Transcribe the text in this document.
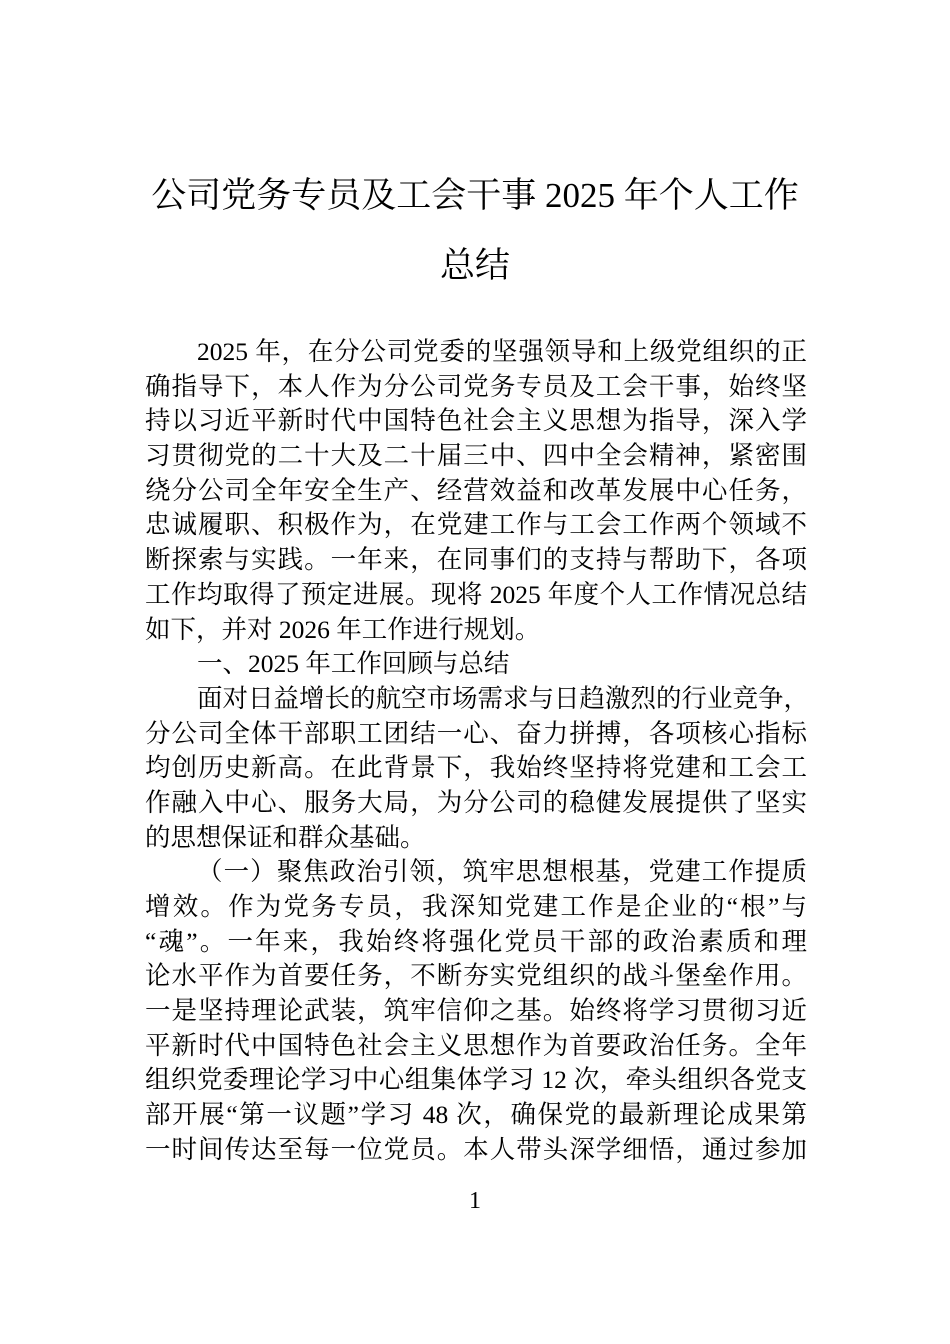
公司党务专员及工会干事 2025 年个人工作
总结
2025 年，在分公司党委的坚强领导和上级党组织的正
确指导下，本人作为分公司党务专员及工会干事，始终坚
持以习近平新时代中国特色社会主义思想为指导，深入学
习贯彻党的二十大及二十届三中、四中全会精神，紧密围
绕分公司全年安全生产、经营效益和改革发展中心任务，
忠诚履职、积极作为，在党建工作与工会工作两个领域不
断探索与实践。一年来，在同事们的支持与帮助下，各项
工作均取得了预定进展。现将 2025 年度个人工作情况总结
如下，并对 2026 年工作进行规划。
一、2025 年工作回顾与总结
面对日益增长的航空市场需求与日趋激烈的行业竞争，
分公司全体干部职工团结一心、奋力拼搏，各项核心指标
均创历史新高。在此背景下，我始终坚持将党建和工会工
作融入中心、服务大局，为分公司的稳健发展提供了坚实
的思想保证和群众基础。
（一）聚焦政治引领，筑牢思想根基，党建工作提质
增效。作为党务专员，我深知党建工作是企业的“根”与
“魂”。一年来，我始终将强化党员干部的政治素质和理
论水平作为首要任务，不断夯实党组织的战斗堡垒作用。
一是坚持理论武装，筑牢信仰之基。始终将学习贯彻习近
平新时代中国特色社会主义思想作为首要政治任务。全年
组织党委理论学习中心组集体学习 12 次，牵头组织各党支
部开展“第一议题”学习 48 次，确保党的最新理论成果第
一时间传达至每一位党员。本人带头深学细悟，通过参加
1
